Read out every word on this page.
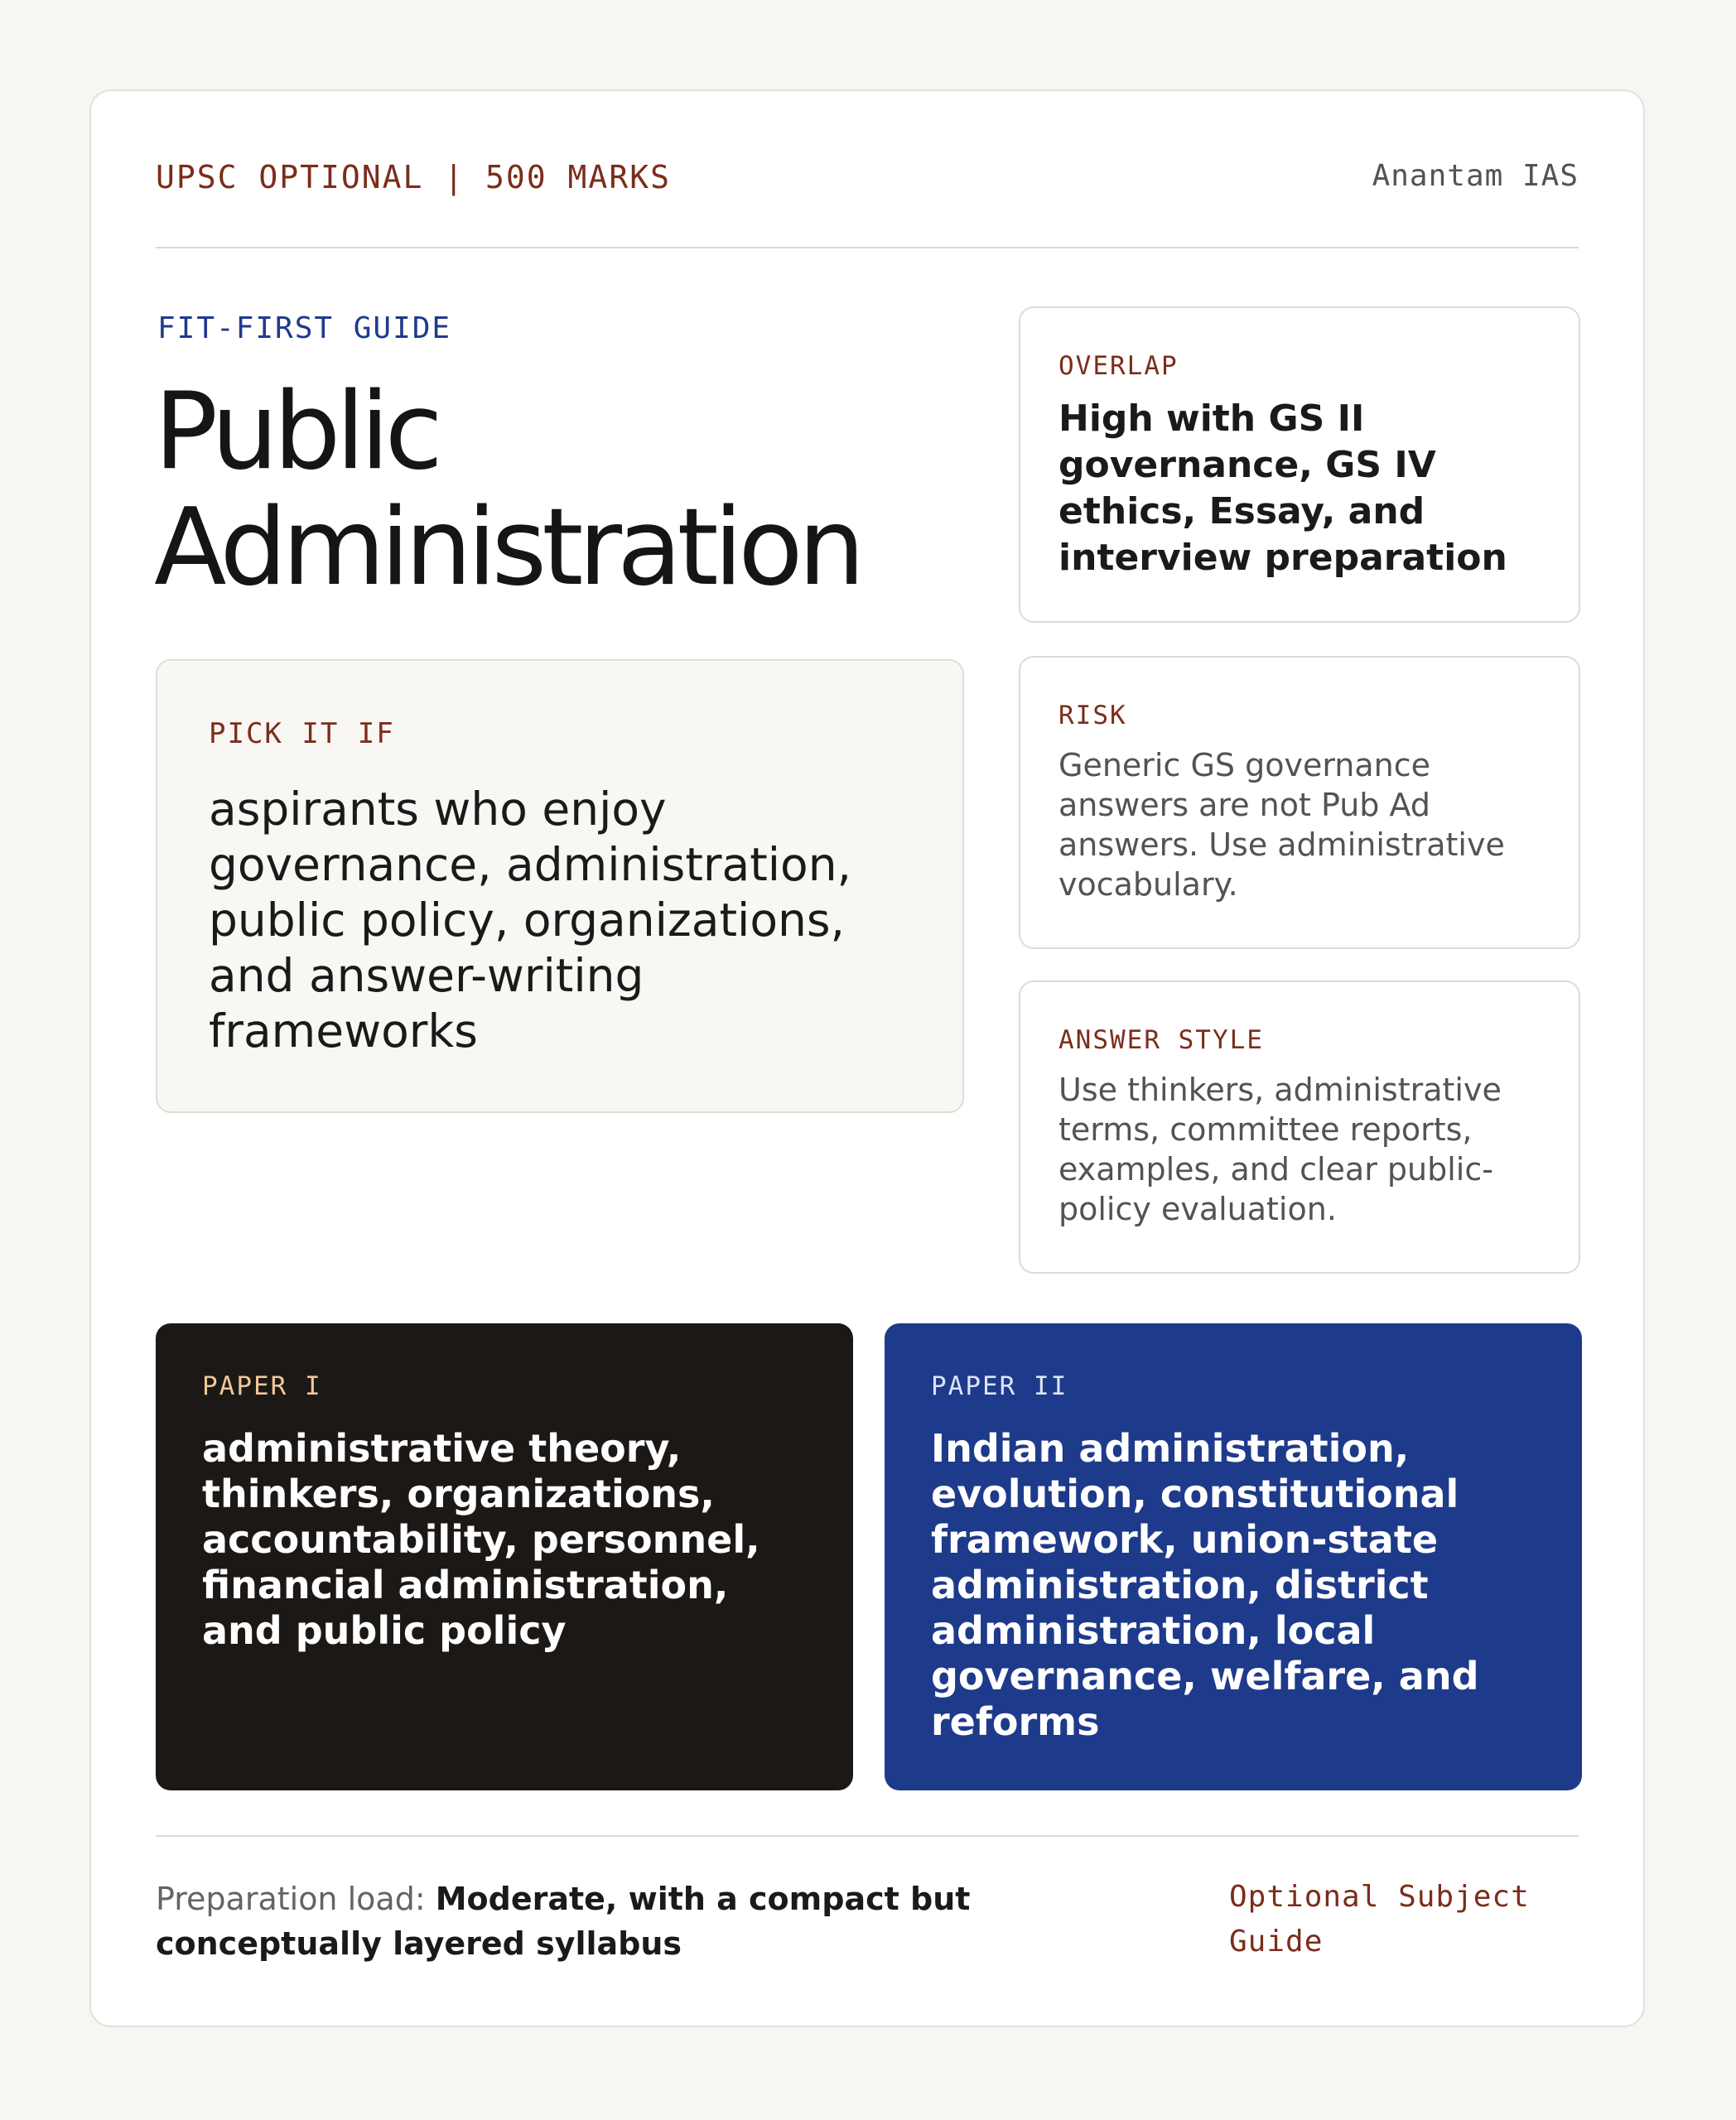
UPSC OPTIONAL | 500 MARKS	Anantam IAS
FIT-FIRST GUIDE
Public
Administration
PICK IT IF
aspirants who enjoy governance, administration, public policy, organizations, and answer-writing frameworks
OVERLAP
High with GS II governance, GS IV ethics, Essay, and interview preparation
RISK
Generic GS governance answers are not Pub Ad answers. Use administrative vocabulary.
ANSWER STYLE
Use thinkers, administrative terms, committee reports, examples, and clear public-policy evaluation.
PAPER I
administrative theory, thinkers, organizations, accountability, personnel, financial administration, and public policy
PAPER II
Indian administration, evolution, constitutional framework, union-state administration, district administration, local governance, welfare, and reforms
Preparation load: Moderate, with a compact but conceptually layered syllabus
Optional Subject Guide
